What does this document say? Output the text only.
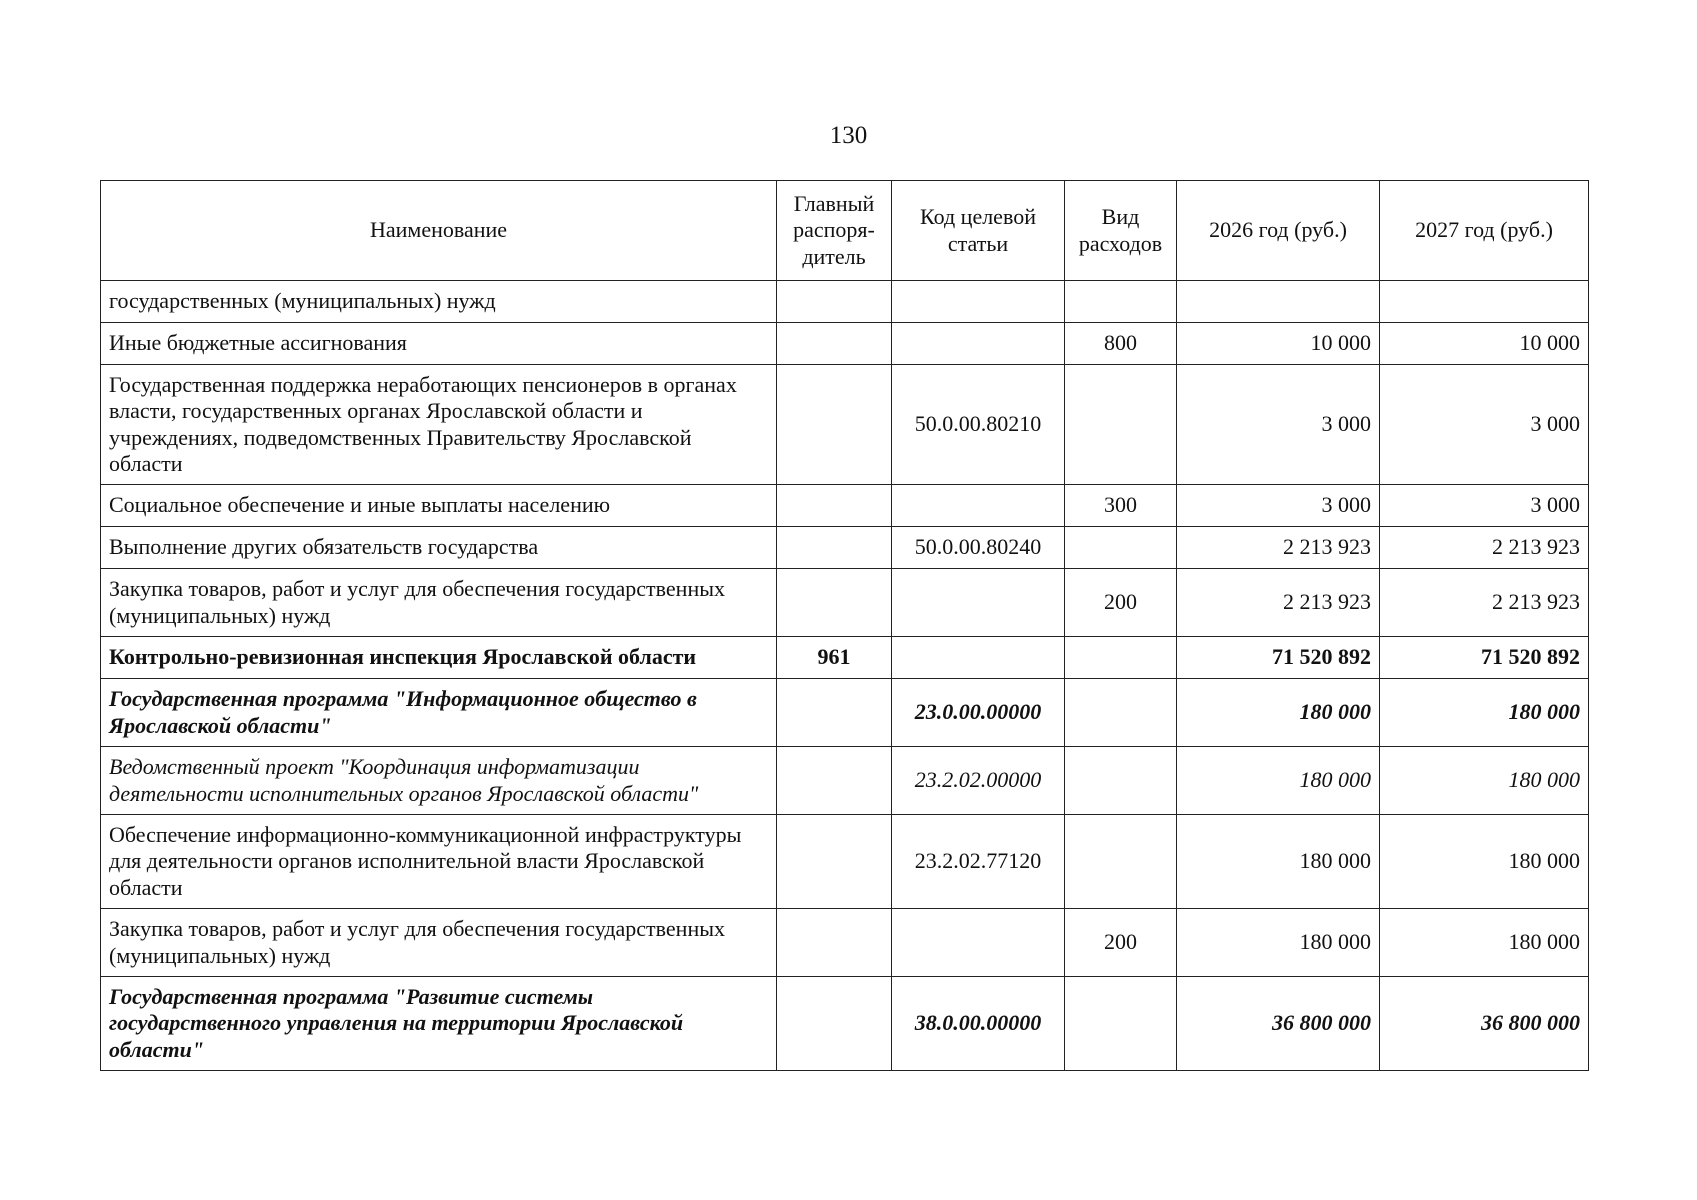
130
Наименование	Главный распоря-дитель	Код целевой статьи	Вид расходов	2026 год (руб.)	2027 год (руб.)
государственных (муниципальных) нужд					
Иные бюджетные ассигнования			800	10 000	10 000
Государственная поддержка неработающих пенсионеров в органах власти, государственных органах Ярославской области и учреждениях, подведомственных Правительству Ярославской области		50.0.00.80210		3 000	3 000
Социальное обеспечение и иные выплаты населению			300	3 000	3 000
Выполнение других обязательств государства		50.0.00.80240		2 213 923	2 213 923
Закупка товаров, работ и услуг для обеспечения государственных (муниципальных) нужд			200	2 213 923	2 213 923
Контрольно-ревизионная инспекция Ярославской области	961			71 520 892	71 520 892
Государственная программа "Информационное общество в Ярославской области"		23.0.00.00000		180 000	180 000
Ведомственный проект "Координация информатизации деятельности исполнительных органов Ярославской области"		23.2.02.00000		180 000	180 000
Обеспечение информационно-коммуникационной инфраструктуры для деятельности органов исполнительной власти Ярославской области		23.2.02.77120		180 000	180 000
Закупка товаров, работ и услуг для обеспечения государственных (муниципальных) нужд			200	180 000	180 000
Государственная программа "Развитие системы государственного управления на территории Ярославской области"		38.0.00.00000		36 800 000	36 800 000
